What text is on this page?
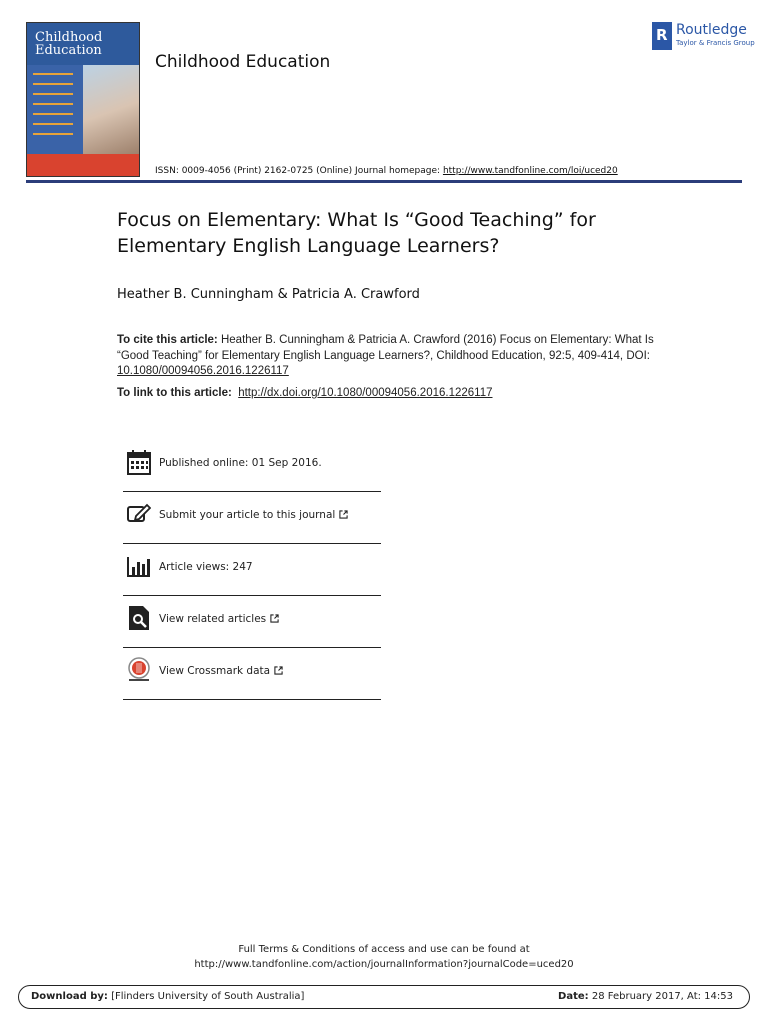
Childhood Education
Childhood Education
R Routledge
Taylor & Francis Group
ISSN: 0009-4056 (Print) 2162-0725 (Online) Journal homepage: http://www.tandfonline.com/loi/uced20
Focus on Elementary: What Is “Good Teaching” for Elementary English Language Learners?
Heather B. Cunningham & Patricia A. Crawford
To cite this article: Heather B. Cunningham & Patricia A. Crawford (2016) Focus on Elementary: What Is “Good Teaching” for Elementary English Language Learners?, Childhood Education, 92:5, 409-414, DOI: 10.1080/00094056.2016.1226117
To link to this article: http://dx.doi.org/10.1080/00094056.2016.1226117
Published online: 01 Sep 2016.
Submit your article to this journal
Article views: 247
View related articles
View Crossmark data
Full Terms & Conditions of access and use can be found at
http://www.tandfonline.com/action/journalInformation?journalCode=uced20
Download by: [Flinders University of South Australia]	Date: 28 February 2017, At: 14:53
